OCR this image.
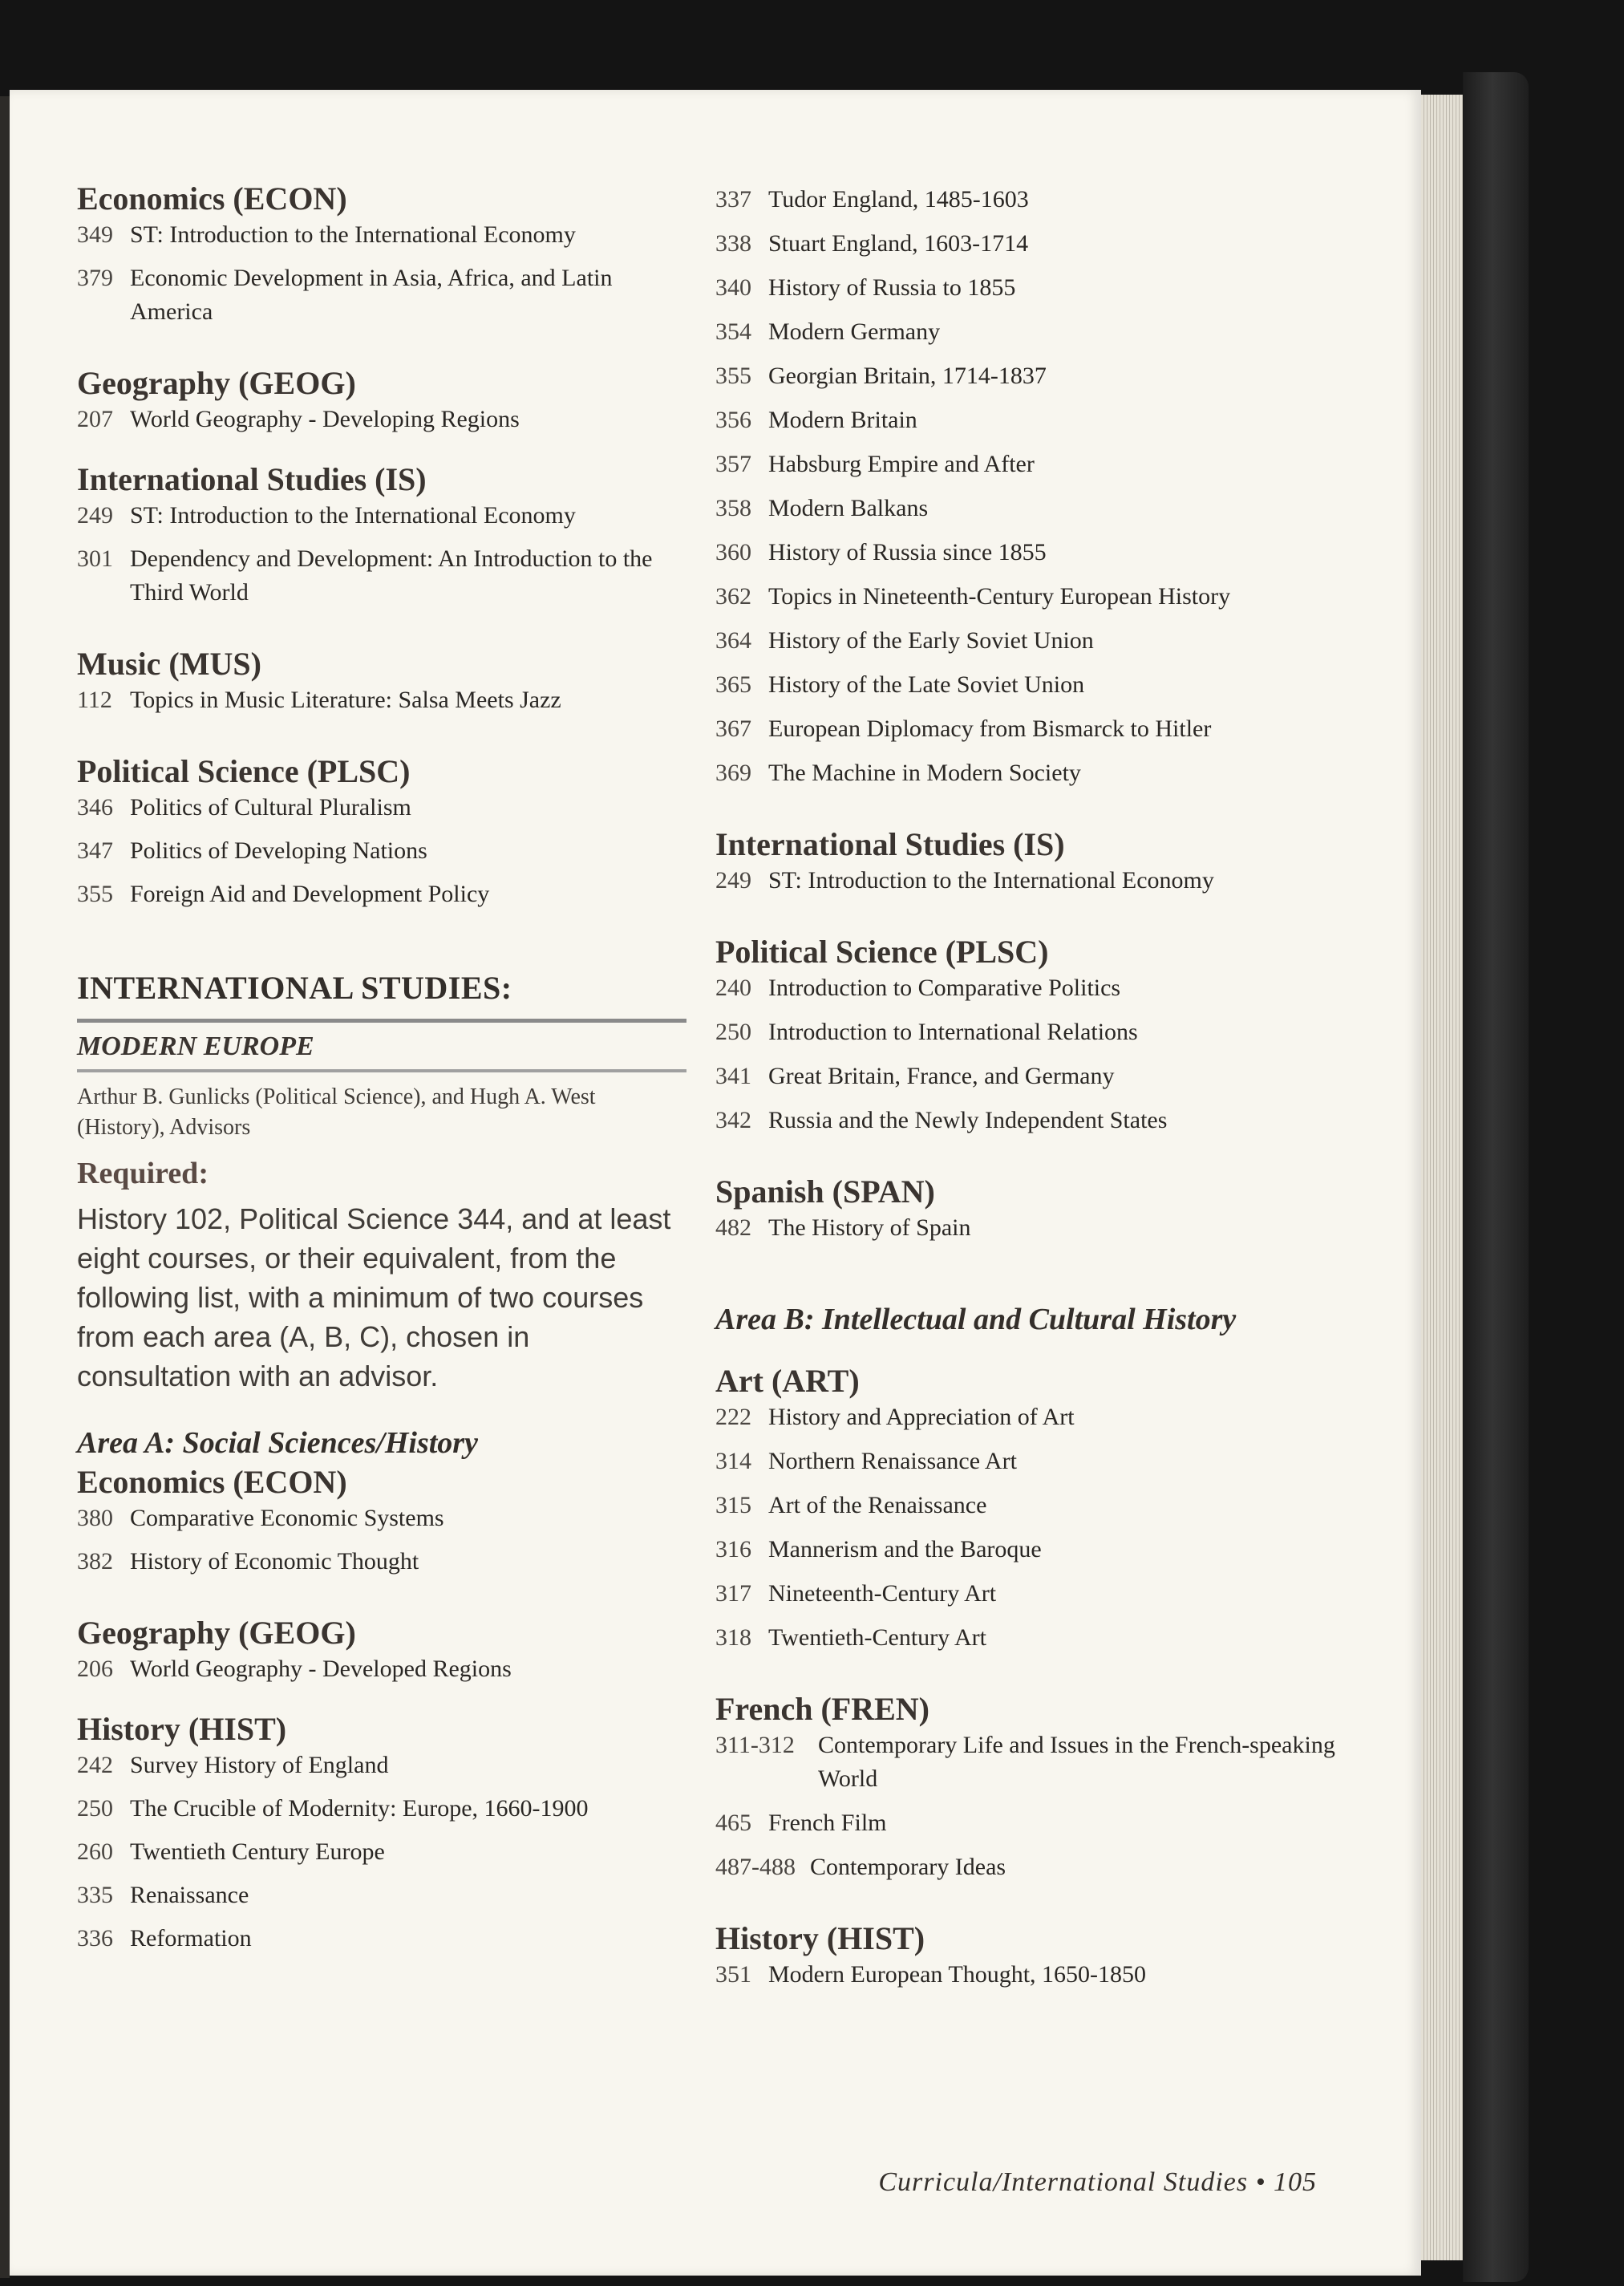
Economics (ECON)
349 ST: Introduction to the International Economy
379 Economic Development in Asia, Africa, and Latin America
Geography (GEOG)
207 World Geography - Developing Regions
International Studies (IS)
249 ST: Introduction to the International Economy
301 Dependency and Development: An Introduction to the Third World
Music (MUS)
112 Topics in Music Literature: Salsa Meets Jazz
Political Science (PLSC)
346 Politics of Cultural Pluralism
347 Politics of Developing Nations
355 Foreign Aid and Development Policy
INTERNATIONAL STUDIES:
MODERN EUROPE
Arthur B. Gunlicks (Political Science), and Hugh A. West (History), Advisors
Required:
History 102, Political Science 344, and at least eight courses, or their equivalent, from the following list, with a minimum of two courses from each area (A, B, C), chosen in consultation with an advisor.
Area A: Social Sciences/History
Economics (ECON)
380 Comparative Economic Systems
382 History of Economic Thought
Geography (GEOG)
206 World Geography - Developed Regions
History (HIST)
242 Survey History of England
250 The Crucible of Modernity: Europe, 1660-1900
260 Twentieth Century Europe
335 Renaissance
336 Reformation
337 Tudor England, 1485-1603
338 Stuart England, 1603-1714
340 History of Russia to 1855
354 Modern Germany
355 Georgian Britain, 1714-1837
356 Modern Britain
357 Habsburg Empire and After
358 Modern Balkans
360 History of Russia since 1855
362 Topics in Nineteenth-Century European History
364 History of the Early Soviet Union
365 History of the Late Soviet Union
367 European Diplomacy from Bismarck to Hitler
369 The Machine in Modern Society
International Studies (IS)
249 ST: Introduction to the International Economy
Political Science (PLSC)
240 Introduction to Comparative Politics
250 Introduction to International Relations
341 Great Britain, France, and Germany
342 Russia and the Newly Independent States
Spanish (SPAN)
482 The History of Spain
Area B: Intellectual and Cultural History
Art (ART)
222 History and Appreciation of Art
314 Northern Renaissance Art
315 Art of the Renaissance
316 Mannerism and the Baroque
317 Nineteenth-Century Art
318 Twentieth-Century Art
French (FREN)
311-312 Contemporary Life and Issues in the French-speaking World
465 French Film
487-488 Contemporary Ideas
History (HIST)
351 Modern European Thought, 1650-1850
Curricula/International Studies • 105
